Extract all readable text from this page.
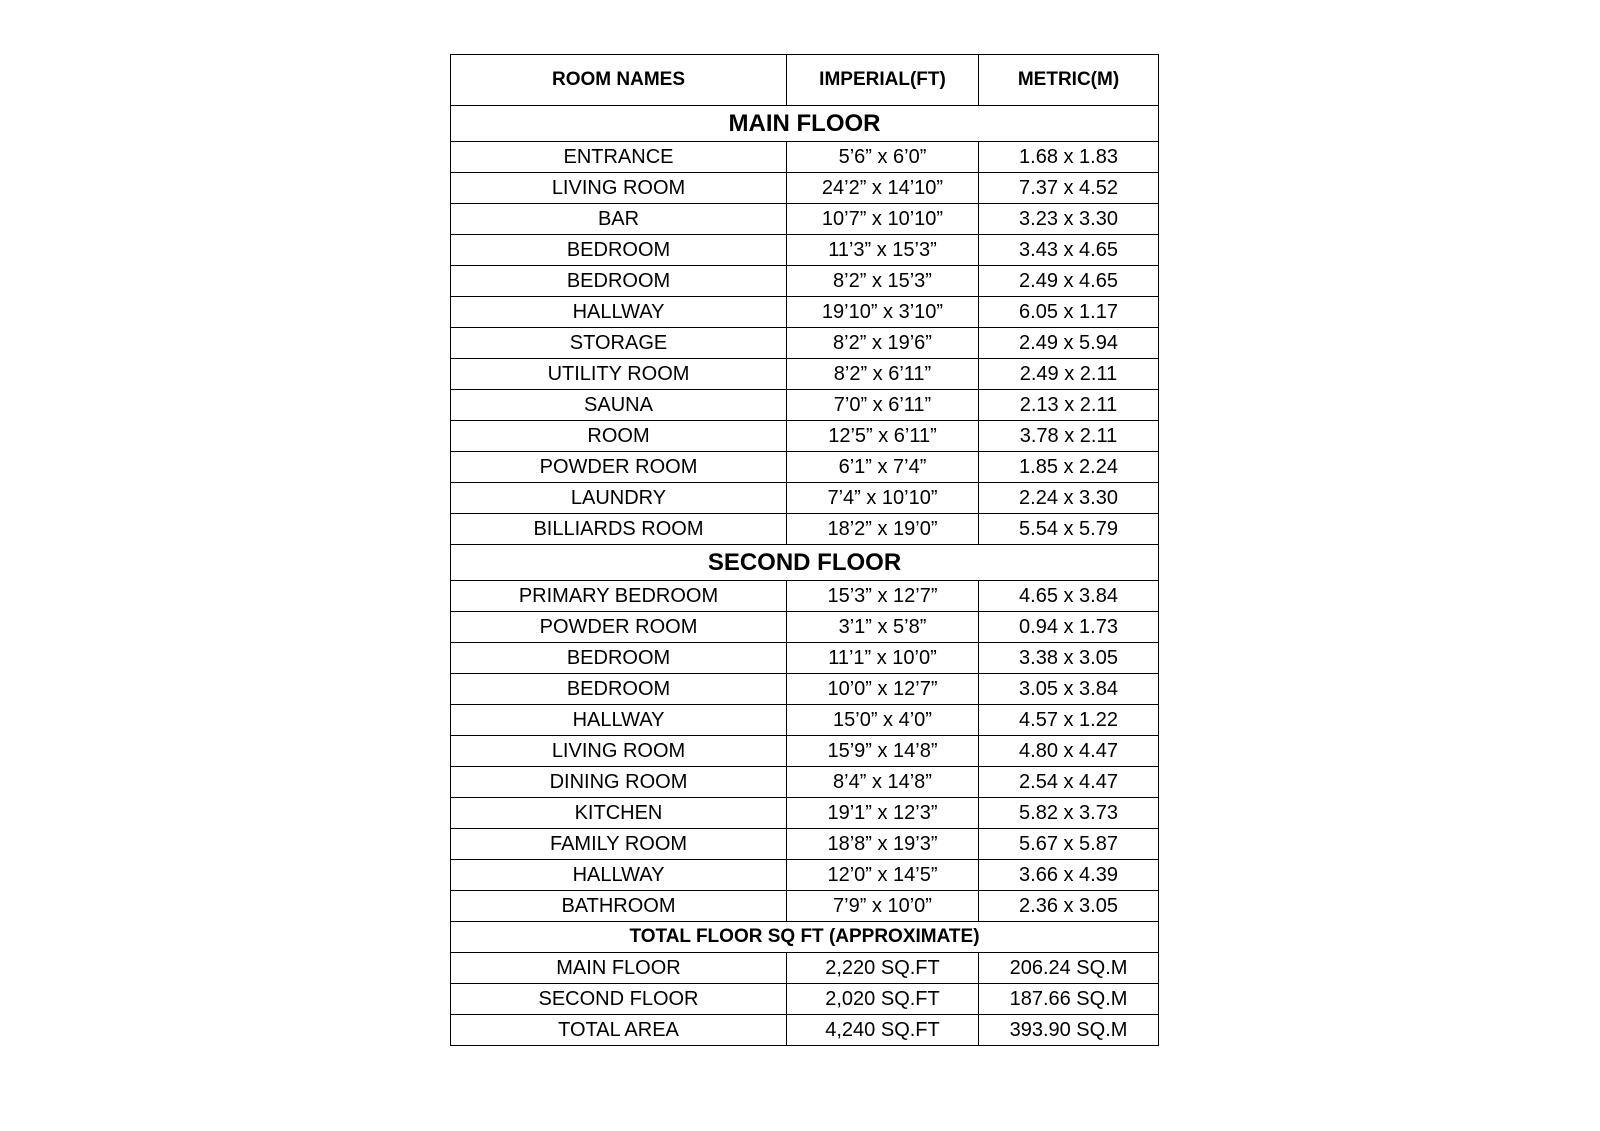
ROOM NAMES	IMPERIAL(FT)	METRIC(M)
MAIN FLOOR		
ENTRANCE	5’6” x 6’0”	1.68 x 1.83
LIVING ROOM	24’2” x 14’10”	7.37 x 4.52
BAR	10’7” x 10’10”	3.23 x 3.30
BEDROOM	11’3” x 15’3”	3.43 x 4.65
BEDROOM	8’2” x 15’3”	2.49 x 4.65
HALLWAY	19’10” x 3’10”	6.05 x 1.17
STORAGE	8’2” x 19’6”	2.49 x 5.94
UTILITY ROOM	8’2” x 6’11”	2.49 x 2.11
SAUNA	7’0” x 6’11”	2.13 x 2.11
ROOM	12’5” x 6’11”	3.78 x 2.11
POWDER ROOM	6’1” x 7’4”	1.85 x 2.24
LAUNDRY	7’4” x 10’10”	2.24 x 3.30
BILLIARDS ROOM	18’2” x 19’0”	5.54 x 5.79
SECOND FLOOR		
PRIMARY BEDROOM	15’3” x 12’7”	4.65 x 3.84
POWDER ROOM	3’1” x 5’8”	0.94 x 1.73
BEDROOM	11’1” x 10’0”	3.38 x 3.05
BEDROOM	10’0” x 12’7”	3.05 x 3.84
HALLWAY	15’0” x 4’0”	4.57 x 1.22
LIVING ROOM	15’9” x 14’8”	4.80 x 4.47
DINING ROOM	8’4” x 14’8”	2.54 x 4.47
KITCHEN	19’1” x 12’3”	5.82 x 3.73
FAMILY ROOM	18’8” x 19’3”	5.67 x 5.87
HALLWAY	12’0” x 14’5”	3.66 x 4.39
BATHROOM	7’9” x 10’0”	2.36 x 3.05
TOTAL FLOOR SQ FT (APPROXIMATE)		
MAIN FLOOR	2,220 SQ.FT	206.24 SQ.M
SECOND FLOOR	2,020 SQ.FT	187.66 SQ.M
TOTAL AREA	4,240 SQ.FT	393.90 SQ.M
